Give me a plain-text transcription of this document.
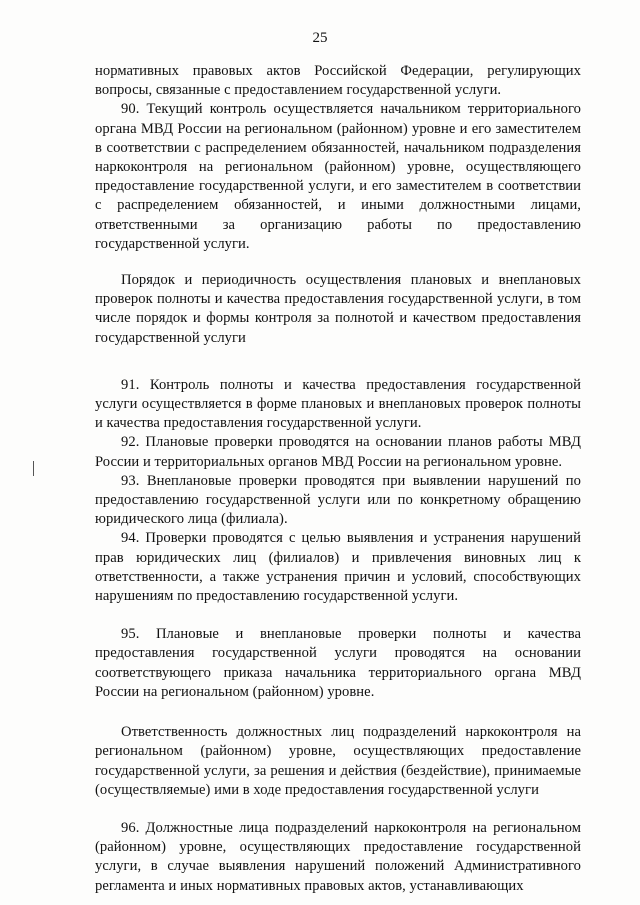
25

нормативных правовых актов Российской Федерации, регулирующих вопросы, связанные с предоставлением государственной услуги.

90. Текущий контроль осуществляется начальником территориального органа МВД России на региональном (районном) уровне и его заместителем в соответствии с распределением обязанностей, начальником подразделения наркоконтроля на региональном (районном) уровне, осуществляющего предоставление государственной услуги, и его заместителем в соответствии с распределением обязанностей, и иными должностными лицами, ответственными за организацию работы по предоставлению государственной услуги.

Порядок и периодичность осуществления плановых и внеплановых проверок полноты и качества предоставления государственной услуги, в том числе порядок и формы контроля за полнотой и качеством предоставления государственной услуги

91. Контроль полноты и качества предоставления государственной услуги осуществляется в форме плановых и внеплановых проверок полноты и качества предоставления государственной услуги.

92. Плановые проверки проводятся на основании планов работы МВД России и территориальных органов МВД России на региональном уровне.

93. Внеплановые проверки проводятся при выявлении нарушений по предоставлению государственной услуги или по конкретному обращению юридического лица (филиала).

94. Проверки проводятся с целью выявления и устранения нарушений прав юридических лиц (филиалов) и привлечения виновных лиц к ответственности, а также устранения причин и условий, способствующих нарушениям по предоставлению государственной услуги.

95. Плановые и внеплановые проверки полноты и качества предоставления государственной услуги проводятся на основании соответствующего приказа начальника территориального органа МВД России на региональном (районном) уровне.

Ответственность должностных лиц подразделений наркоконтроля на региональном (районном) уровне, осуществляющих предоставление государственной услуги, за решения и действия (бездействие), принимаемые (осуществляемые) ими в ходе предоставления государственной услуги

96. Должностные лица подразделений наркоконтроля на региональном (районном) уровне, осуществляющих предоставление государственной услуги, в случае выявления нарушений положений Административного регламента и иных нормативных правовых актов, устанавливающих
